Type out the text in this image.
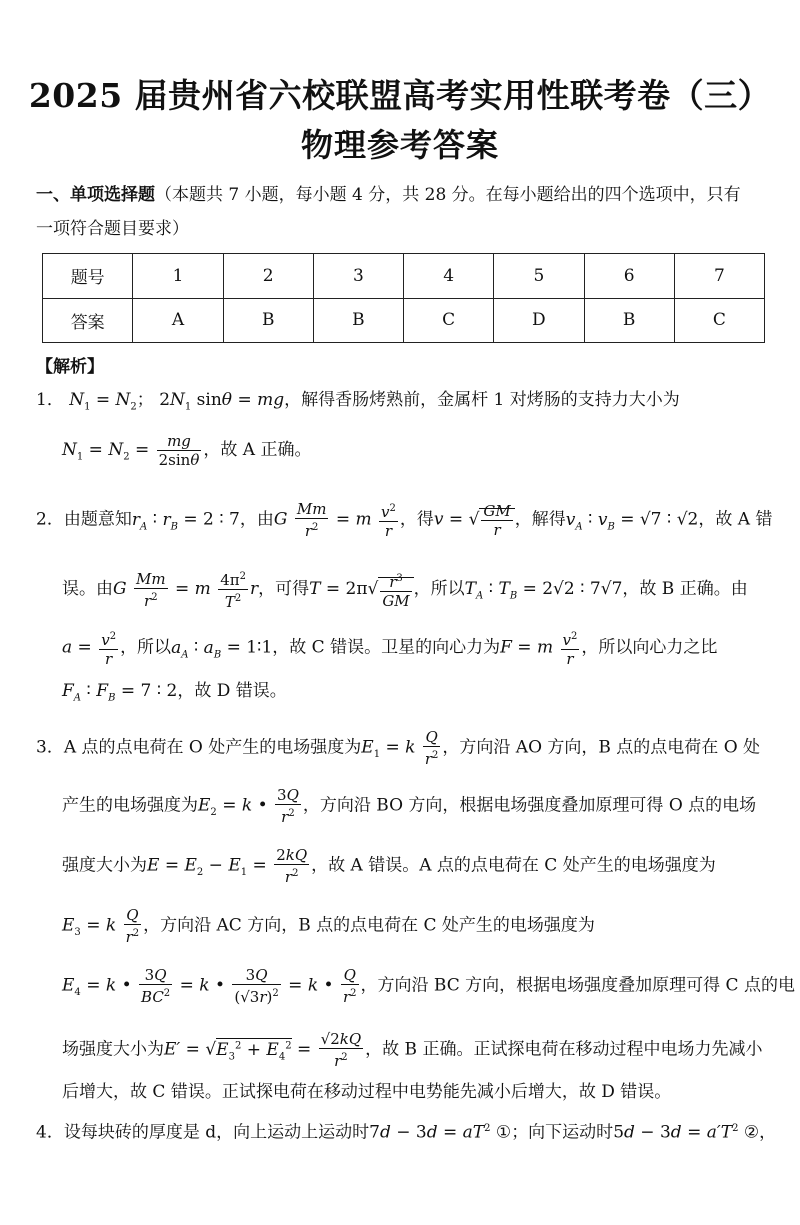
2025 届贵州省六校联盟高考实用性联考卷（三）
物理参考答案
一、单项选择题（本题共 7 小题，每小题 4 分，共 28 分。在每小题给出的四个选项中，只有
一项符合题目要求）
题号	1	2	3	4	5	6	7
答案	A	B	B	C	D	B	C
【解析】
1． $N_1 = N_2$； $2N_1$ sinθ = mg，解得香肠烤熟前，金属杆 1 对烤肠的支持力大小为
$N_1 = N_2 = \frac{mg}{2\sin\theta}$ ，故 A 正确。
2．由题意知$r_A$ ∶ $r_B = 2$ ∶ 7，由G $\frac{Mm}{r^2} = m \frac{v^2}{r}$ ，得v = √ $\frac{GM}{r}$ ，解得$v_A$ ∶ $v_B = √7$ ∶ √2，故 A 错
误。由G $\frac{Mm}{r^2} = m \frac{4\pi^2}{T^2}$ r，可得$T = 2\pi√ \frac{r^3}{GM}$ ，所以$T_A$ ∶ $T_B = 2√2$ ∶ 7√7，故 B 正确。由
$a = \frac{v^2}{r}$ ，所以$a_A$ ∶ $a_B$ = 1∶1，故 C 错误。卫星的向心力为F = m $\frac{v^2}{r}$ ，所以向心力之比
$F_A$ ∶ $F_B = 7$ ∶ 2，故 D 错误。
3．A 点的点电荷在 O 处产生的电场强度为$E_1 = k \frac{Q}{r^2}$ ，方向沿 AO 方向，B 点的点电荷在 O 处
产生的电场强度为$E_2 = k$ • $\frac{3Q}{r^2}$ ，方向沿 BO 方向，根据电场强度叠加原理可得 O 点的电场
强度大小为$E = E_2 - E_1 = \frac{2kQ}{r^2}$ ，故 A 错误。A 点的点电荷在 C 处产生的电场强度为
$E_3 = k \frac{Q}{r^2}$ ，方向沿 AC 方向，B 点的点电荷在 C 处产生的电场强度为
$E_4 = k$ • $\frac{3Q}{BC^2} = k$ • $\frac{3Q}{(√3r)^2} = k$ • $\frac{Q}{r^2}$ ，方向沿 BC 方向，根据电场强度叠加原理可得 C 点的电
场强度大小为$E' = √E_3^2 + E_4^2 = \frac{√2kQ}{r^2}$ ，故 B 正确。正试探电荷在移动过程中电场力先减小
后增大，故 C 错误。正试探电荷在移动过程中电势能先减小后增大，故 D 错误。
4．设每块砖的厚度是 d，向上运动上运动时$7d - 3d = aT^2$ ①；向下运动时$5d - 3d = a'T^2$ ②，
